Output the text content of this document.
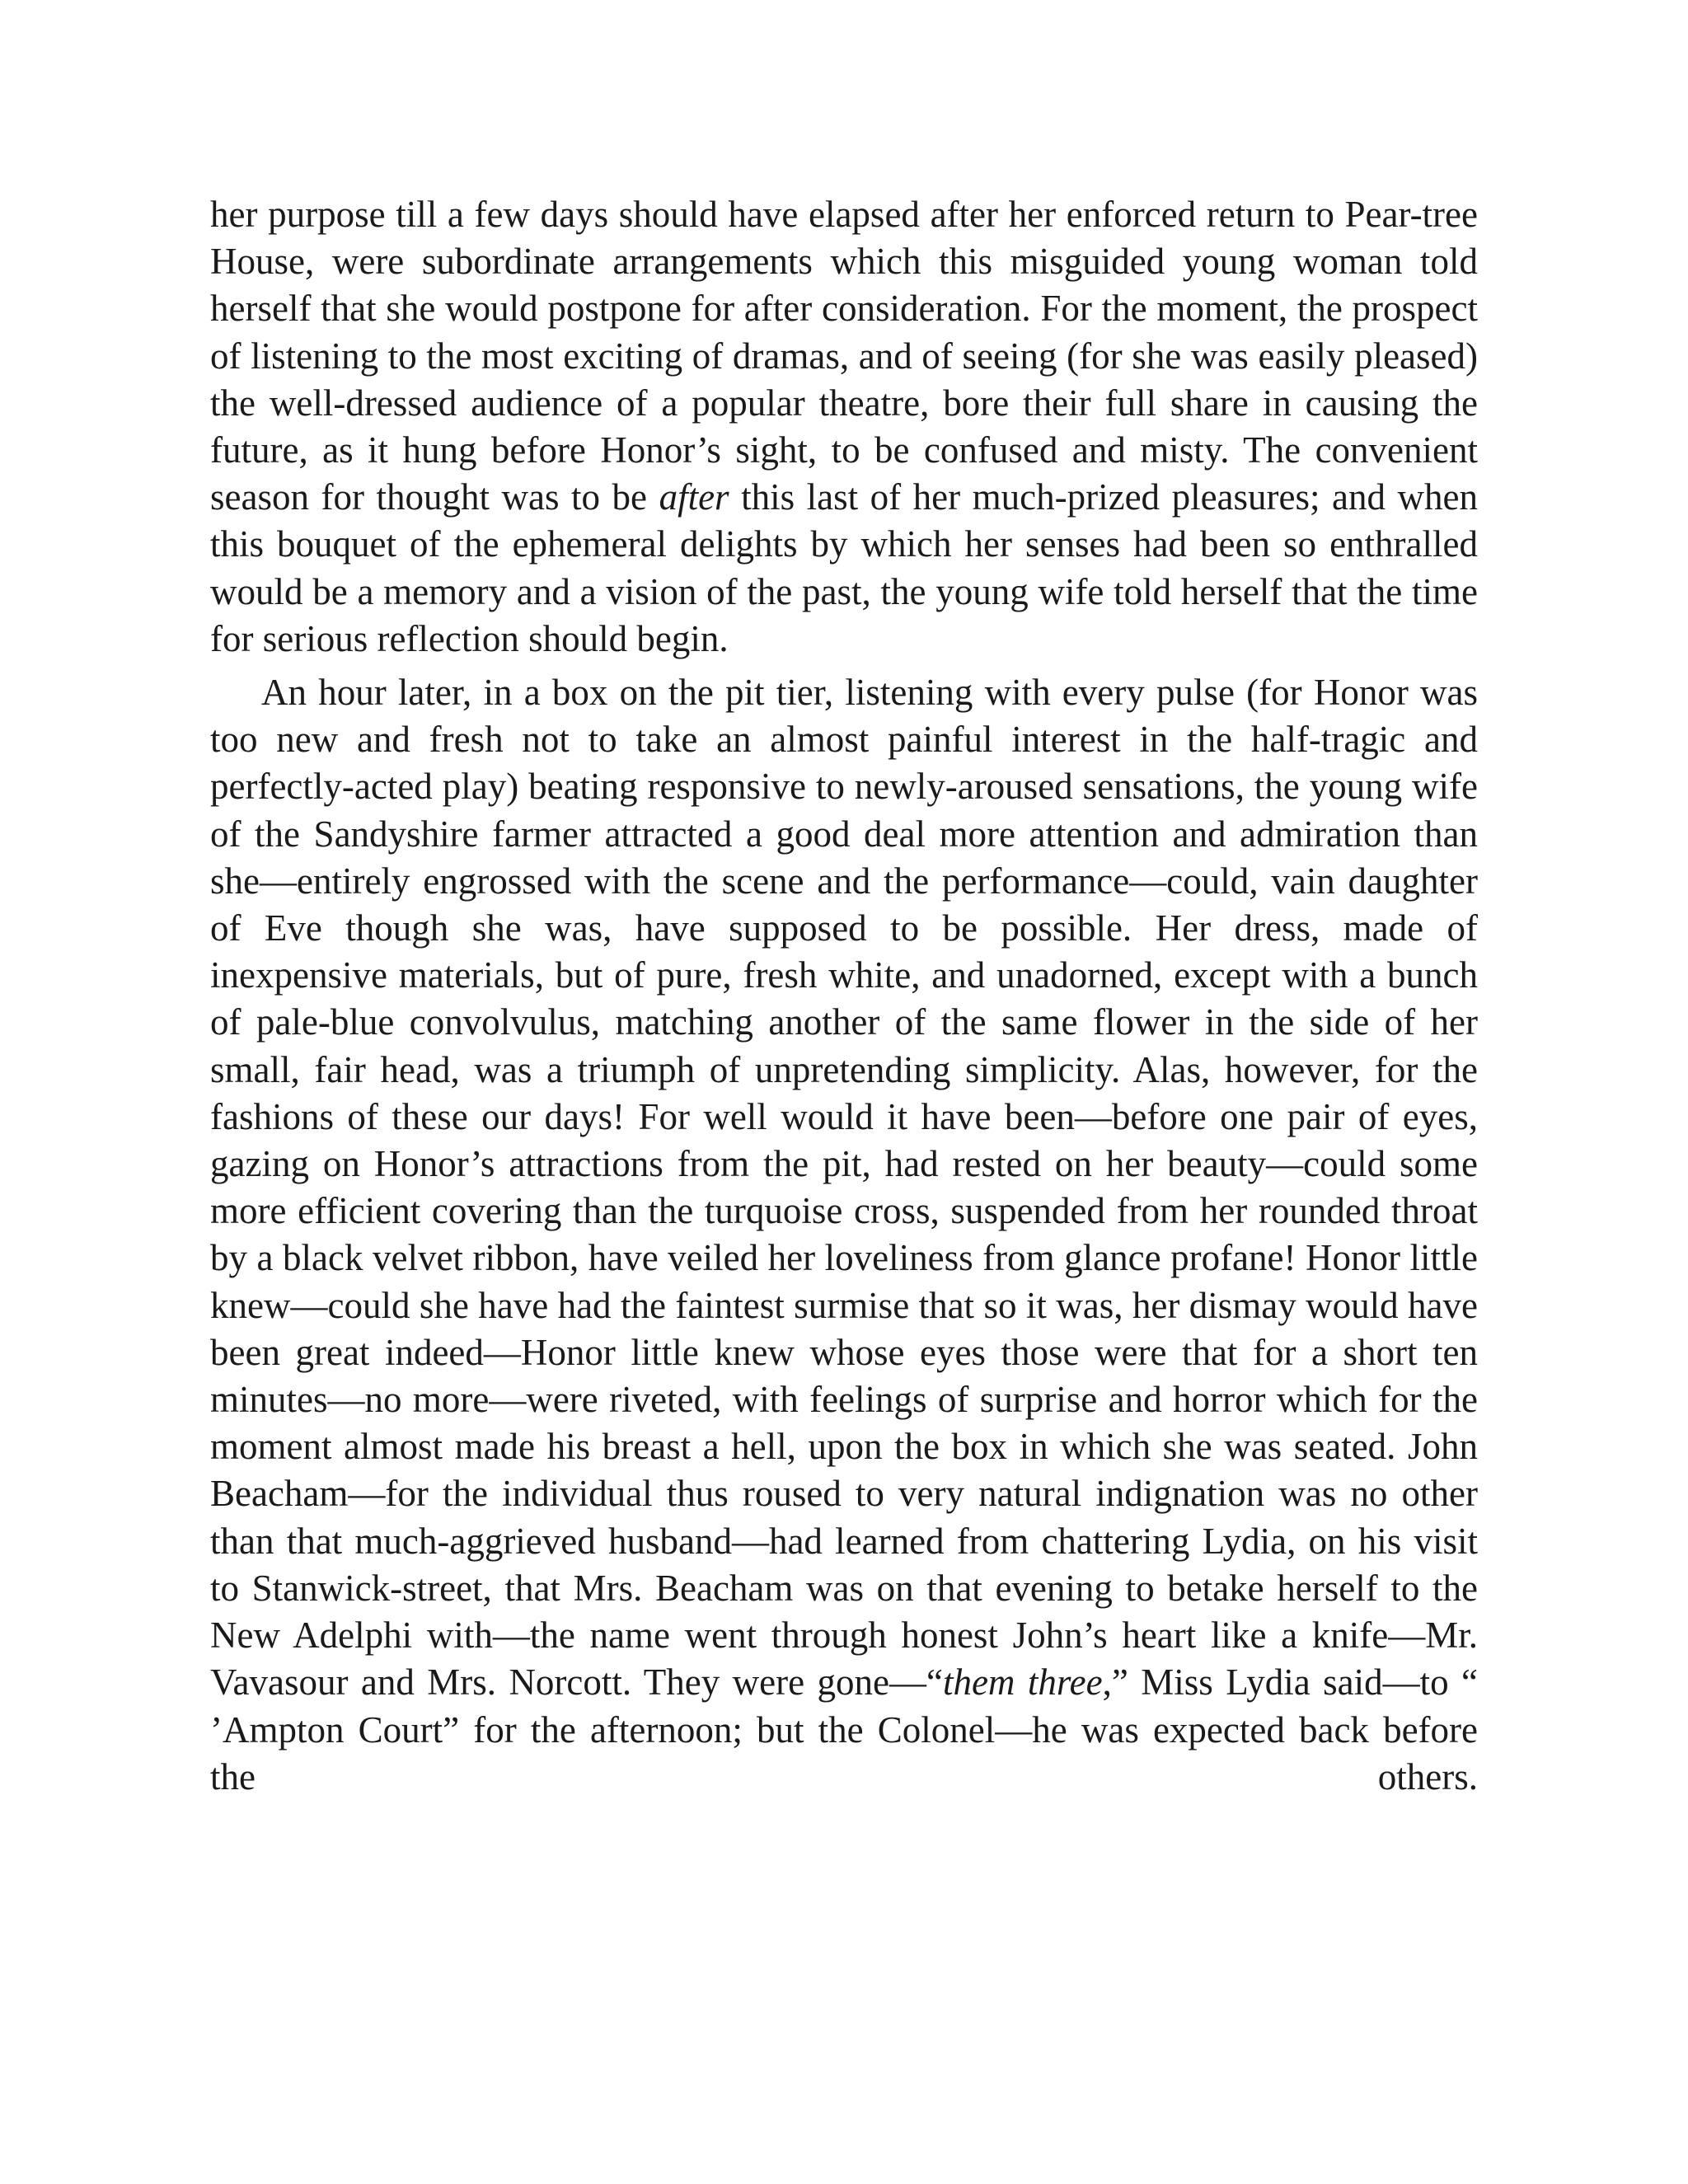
her purpose till a few days should have elapsed after her enforced return to Pear-tree House, were subordinate arrangements which this misguided young woman told herself that she would postpone for after consideration. For the moment, the prospect of listening to the most exciting of dramas, and of seeing (for she was easily pleased) the well-dressed audience of a popular theatre, bore their full share in causing the future, as it hung before Honor’s sight, to be confused and misty. The convenient season for thought was to be after this last of her much-prized pleasures; and when this bouquet of the ephemeral delights by which her senses had been so enthralled would be a memory and a vision of the past, the young wife told herself that the time for serious reflection should begin.

An hour later, in a box on the pit tier, listening with every pulse (for Honor was too new and fresh not to take an almost painful interest in the half-tragic and perfectly-acted play) beating responsive to newly-aroused sensations, the young wife of the Sandyshire farmer attracted a good deal more attention and admiration than she—entirely engrossed with the scene and the performance—could, vain daughter of Eve though she was, have supposed to be possible. Her dress, made of inexpensive materials, but of pure, fresh white, and unadorned, except with a bunch of pale-blue convolvulus, matching another of the same flower in the side of her small, fair head, was a triumph of unpretending simplicity. Alas, however, for the fashions of these our days! For well would it have been—before one pair of eyes, gazing on Honor’s attractions from the pit, had rested on her beauty—could some more efficient covering than the turquoise cross, suspended from her rounded throat by a black velvet ribbon, have veiled her loveliness from glance profane! Honor little knew—could she have had the faintest surmise that so it was, her dismay would have been great indeed—Honor little knew whose eyes those were that for a short ten minutes—no more—were riveted, with feelings of surprise and horror which for the moment almost made his breast a hell, upon the box in which she was seated. John Beacham—for the individual thus roused to very natural indignation was no other than that much-aggrieved husband—had learned from chattering Lydia, on his visit to Stanwick-street, that Mrs. Beacham was on that evening to betake herself to the New Adelphi with—the name went through honest John’s heart like a knife—Mr. Vavasour and Mrs. Norcott. They were gone—“them three,” Miss Lydia said—to “ ’Ampton Court” for the afternoon; but the Colonel—he was expected back before the others.
